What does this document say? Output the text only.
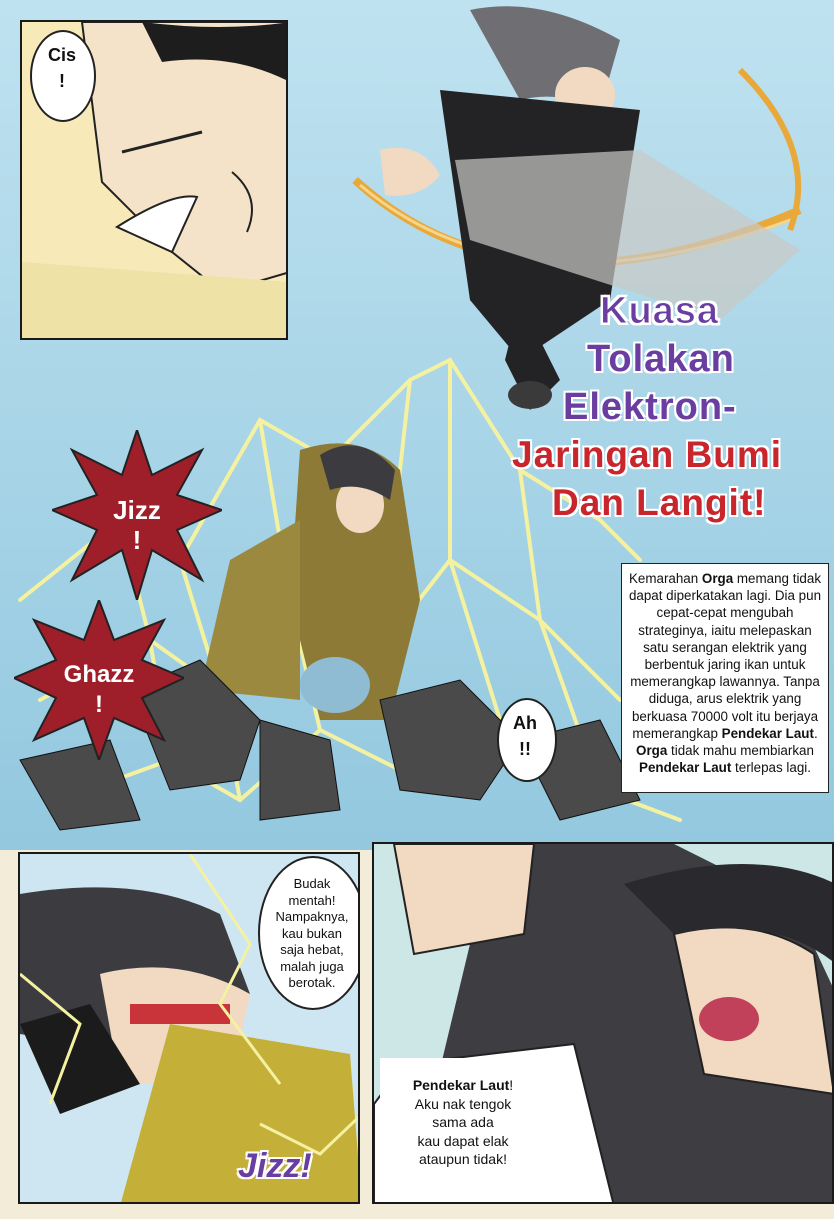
Cis
!
Kuasa
Tolakan
Elektron-
Jaringan Bumi
Dan Langit!
Jizz
!
Ghazz
!
Ah
!!
Kemarahan Orga memang tidak dapat diperkatakan lagi. Dia pun cepat-cepat mengubah strateginya, iaitu melepaskan satu serangan elektrik yang berbentuk jaring ikan untuk memerangkap lawannya. Tanpa diduga, arus elektrik yang berkuasa 70000 volt itu berjaya memerangkap Pendekar Laut. Orga tidak mahu membiarkan Pendekar Laut terlepas lagi.
Budak
mentah!
Nampaknya,
kau bukan
saja hebat,
malah juga
berotak.
Jizz!
Pendekar Laut!
Aku nak tengok
sama ada
kau dapat elak
ataupun tidak!
